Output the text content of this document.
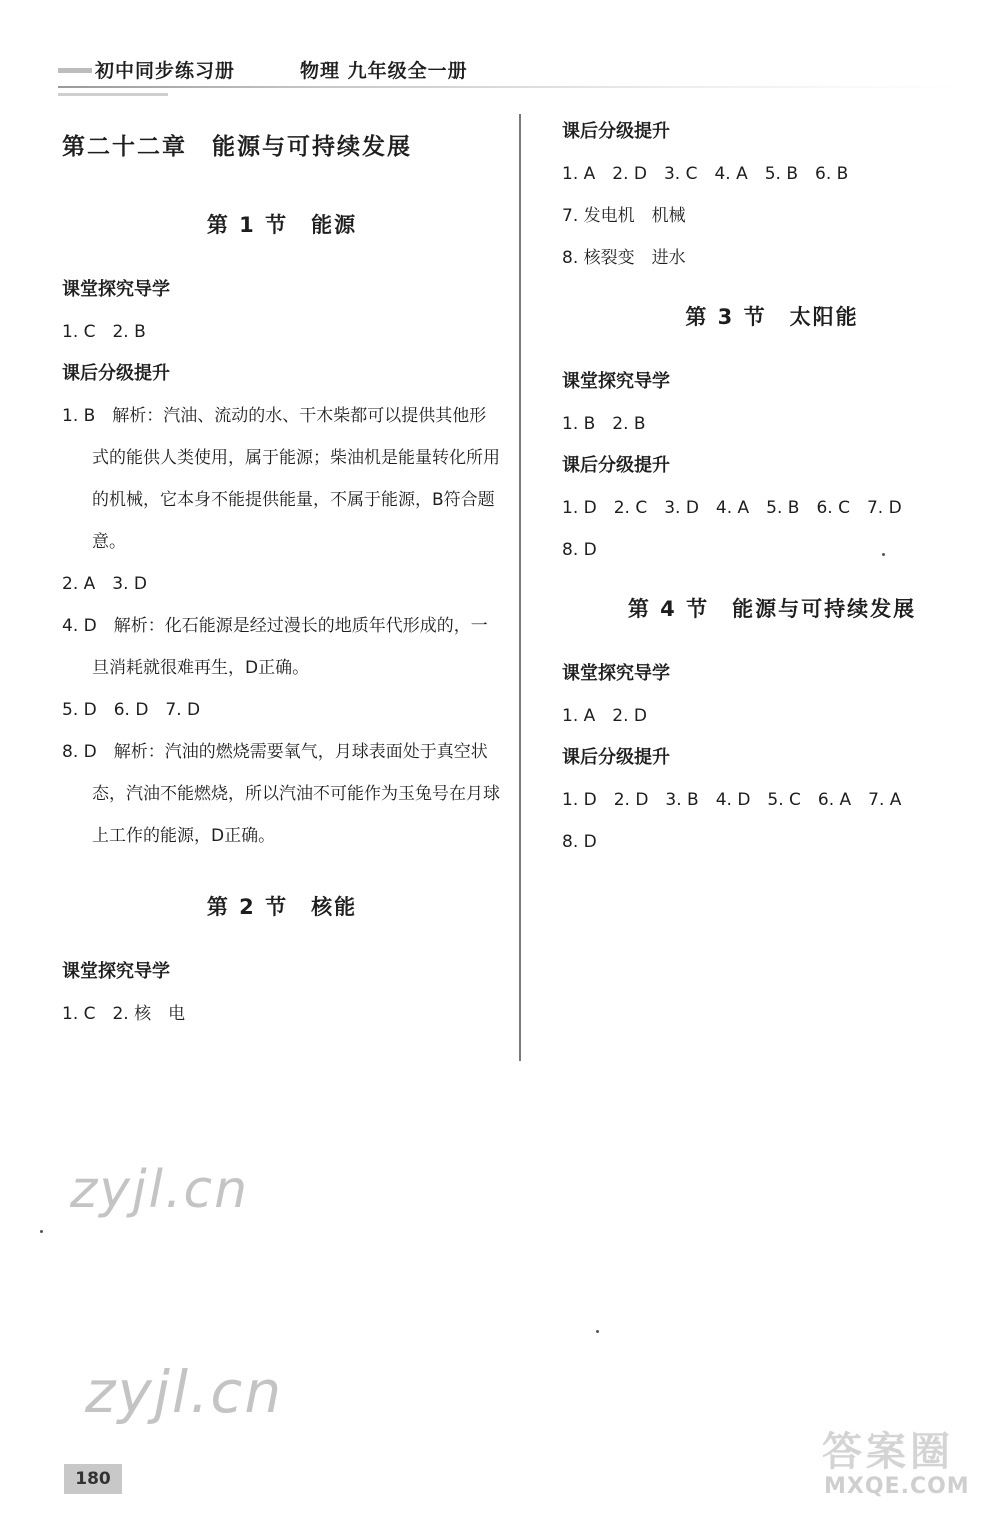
初中同步练习册	物理 九年级全一册

第二十二章　能源与可持续发展

第 1 节　能源

课堂探究导学

1. C　2. B

课后分级提升

1. B　解析：汽油、流动的水、干木柴都可以提供其他形式的能供人类使用，属于能源；柴油机是能量转化所用的机械，它本身不能提供能量，不属于能源，B符合题意。

2. A　3. D

4. D　解析：化石能源是经过漫长的地质年代形成的，一旦消耗就很难再生，D正确。

5. D　6. D　7. D

8. D　解析：汽油的燃烧需要氧气，月球表面处于真空状态，汽油不能燃烧，所以汽油不可能作为玉兔号在月球上工作的能源，D正确。

第 2 节　核能

课堂探究导学

1. C　2. 核　电

课后分级提升

1. A　2. D　3. C　4. A　5. B　6. B

7. 发电机　机械

8. 核裂变　进水

第 3 节　太阳能

课堂探究导学

1. B　2. B

课后分级提升

1. D　2. C　3. D　4. A　5. B　6. C　7. D

8. D

第 4 节　能源与可持续发展

课堂探究导学

1. A　2. D

课后分级提升

1. D　2. D　3. B　4. D　5. C　6. A　7. A

8. D

zyjl.cn
zyjl.cn
180
答案圈
MXQE.COM
